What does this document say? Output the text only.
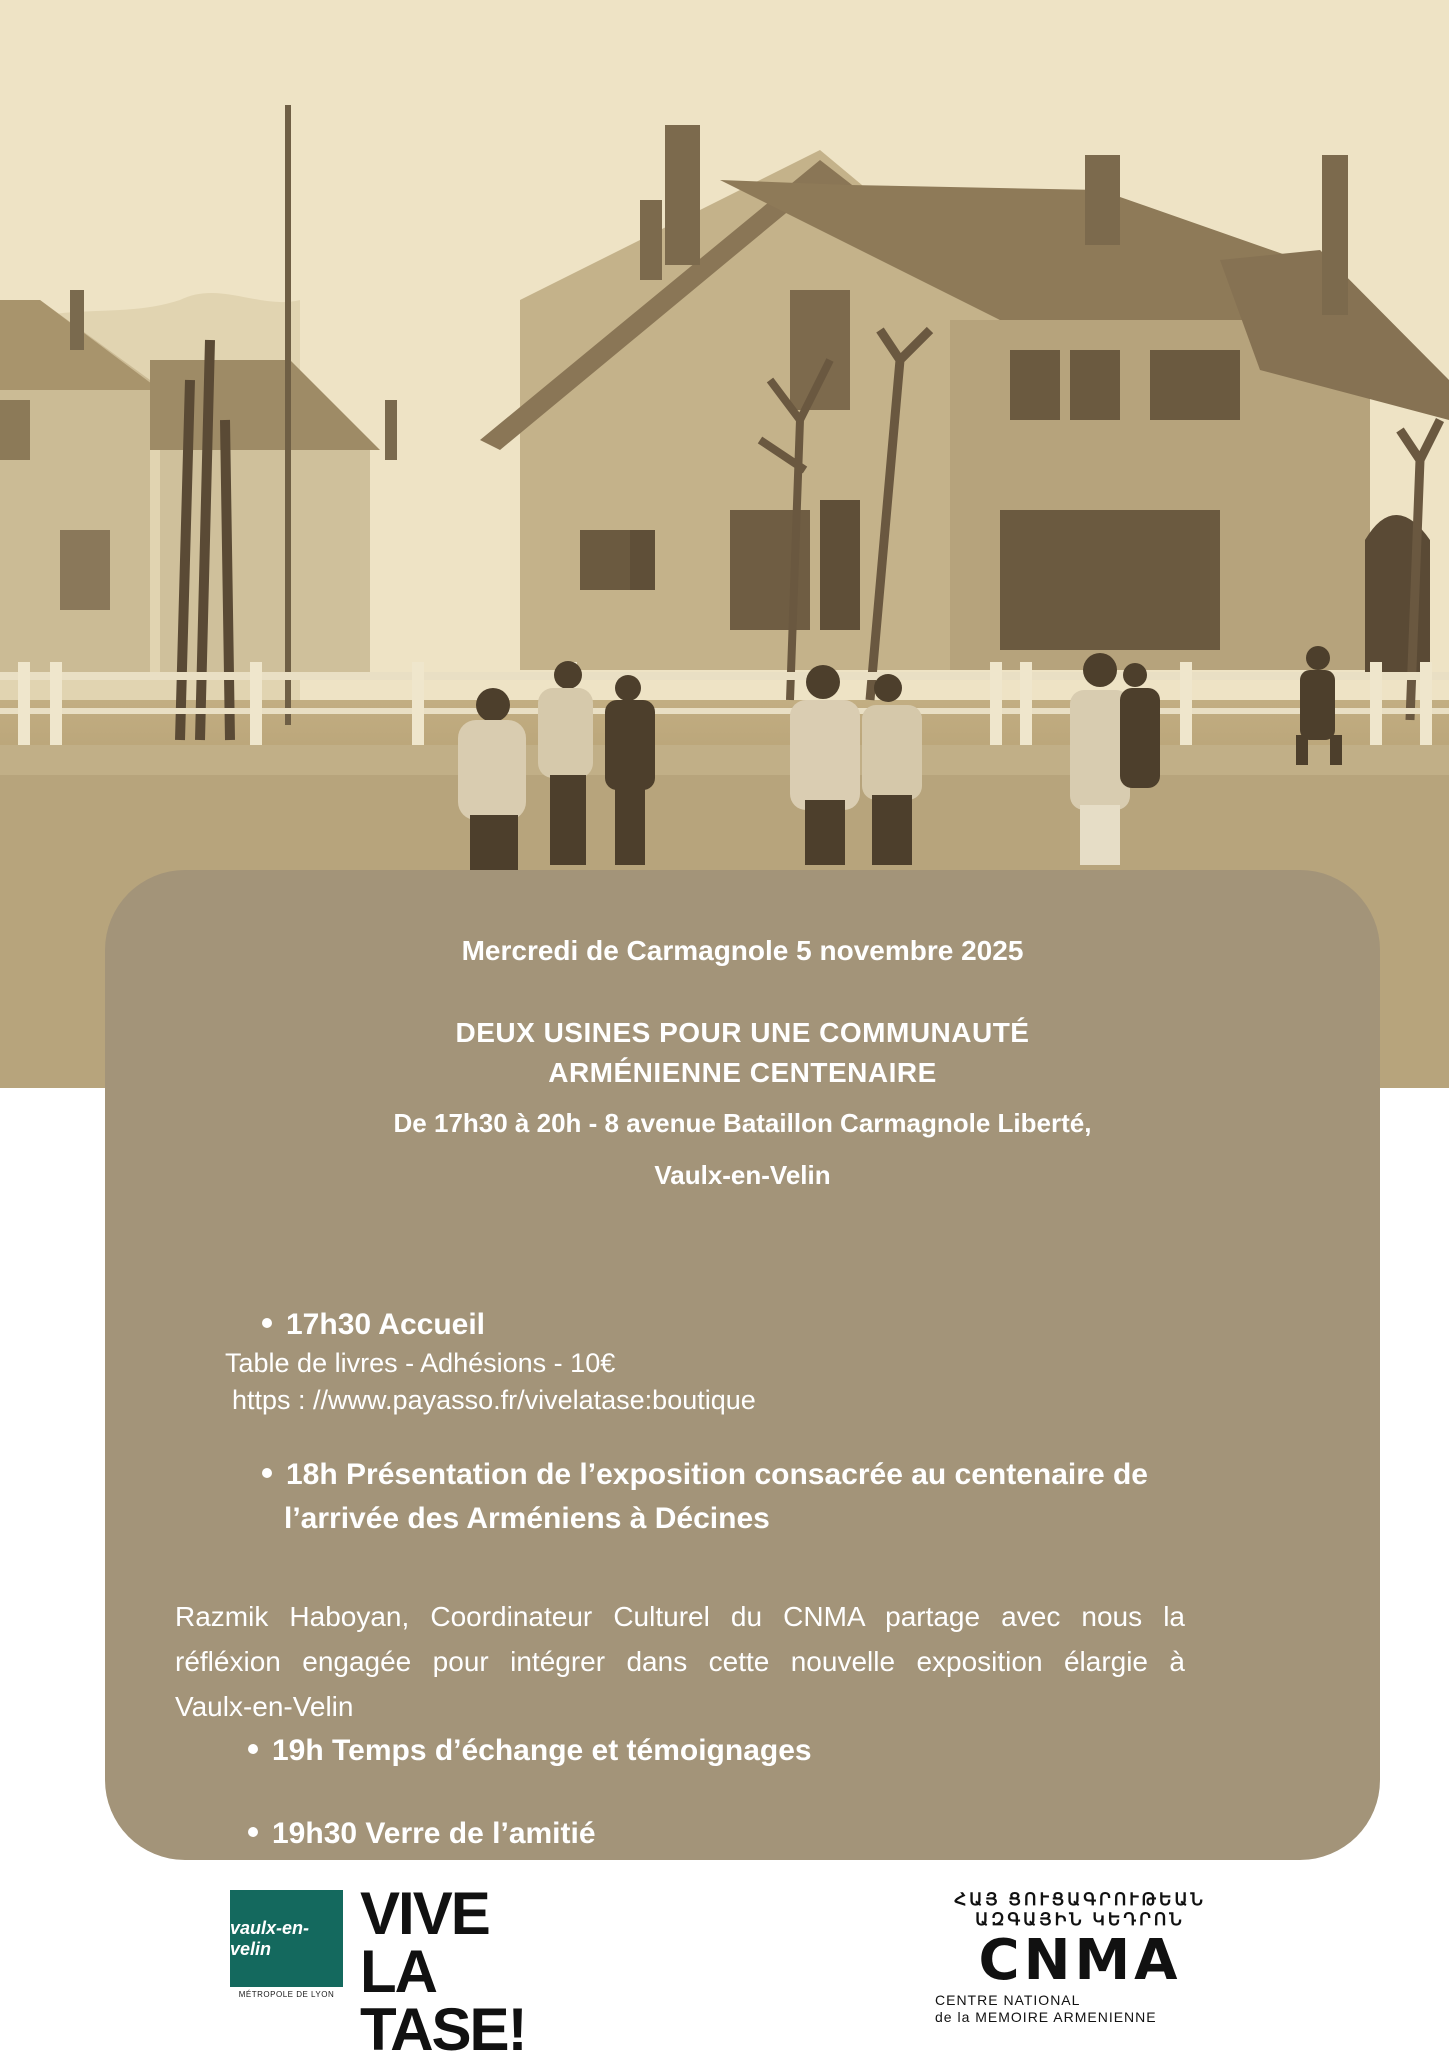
Mercredi de Carmagnole 5 novembre 2025
DEUX USINES POUR UNE COMMUNAUTÉ
ARMÉNIENNE CENTENAIRE
De 17h30 à 20h - 8 avenue Bataillon Carmagnole Liberté,
Vaulx-en-Velin
17h30 Accueil
Table de livres - Adhésions - 10€
https : //www.payasso.fr/vivelatase:boutique
18h Présentation de l’exposition consacrée au centenaire de
l’arrivée des Arméniens à Décines
Razmik Haboyan, Coordinateur Culturel du CNMA partage avec nous la
réfléxion engagée pour intégrer dans cette nouvelle exposition élargie à
Vaulx-en-Velin
19h Temps d’échange et témoignages
19h30 Verre de l’amitié
vaulx-en-velin
MÉTROPOLE DE LYON
VIVE LA
TASE!
ՀԱՅ ՑՈՒՑԱԳՐՈՒԹԵԱՆ
ԱԶԳԱՅԻՆ ԿԵԴՐՈՆ
CNMA
CENTRE NATIONAL
de la MEMOIRE ARMENIENNE
